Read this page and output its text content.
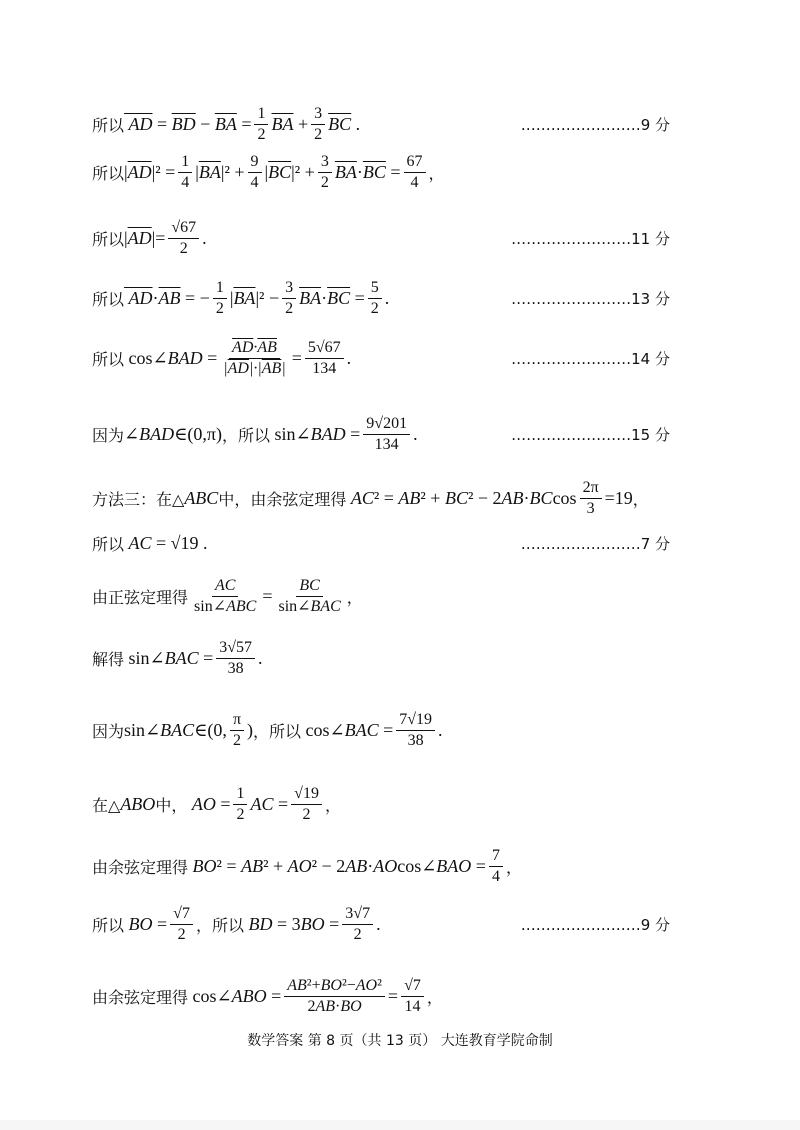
所以 AD = $\overline{BD} - \overline{BA} = \frac{1}{2} \overline{BA} + \frac{3}{2} \overline{BC}$ .	……………………9 分
所以 | $\overline{AD}$ $|^2 = \frac{1}{4}$ | $\overline{BA}$ $|^2 + \frac{9}{4}$ | $\overline{BC}$ $|^2 + \frac{3}{2} \overline{BA} \cdot \overline{BC} = \frac{67}{4}$ ，
所以 | $\overline{AD}$ |= $\frac{√67}{2}$ .	……………………11 分
所以 AD · $\overline{AB}$ = − $\frac{1}{2}$ | $\overline{BA}$ $|^2 - \frac{3}{2} \overline{BA} \cdot \overline{BC} = \frac{5}{2}$ .	……………………13 分
所以 cos∠ BAD = $\frac{\overline{AD}\cdot\overline{AB}}{|\overline{AD}|\cdot|\overline{AB}|} = \frac{5√67}{134}$ .	……………………14 分
因为 ∠ BAD ∈(0,π) ，所以 sin∠ BAD = $\frac{9√201}{134}$ .	……………………15 分
方法三：在△ ABC 中，由余弦定理得 AC ² = AB ² + BC ² − 2 AB · BC $\cos \frac{2\pi}{3} =19$ ，
所以 AC = √19 .	……………………7 分
由正弦定理得
AC
sin∠ABC
=
BC
sin∠BAC ，
解得 sin∠ BAC = $\frac{3√57}{38}$ .
因为 sin∠ BAC ∈(0,
π
2
) ，所以 cos∠ BAC = $\frac{7√19}{38}$ .
在△ ABO 中， AO = $\frac{1}{2}$ AC = $\frac{√19}{2}$ ，
由余弦定理得 BO ² = AB ² + AO ² − 2 AB · AO cos∠ BAO = $\frac{7}{4}$ ，
所以 BO = $\frac{√7}{2}$ ，所以 BD = 3 BO = $\frac{3√7}{2}$ .	……………………9 分
由余弦定理得 cos∠ ABO = $\frac{\text{AB²+BO²−AO²}}{2AB\cdot BO} = \frac{√7}{14}$ ，
数学答案 第 8 页（共 13 页） 大连教育学院命制
